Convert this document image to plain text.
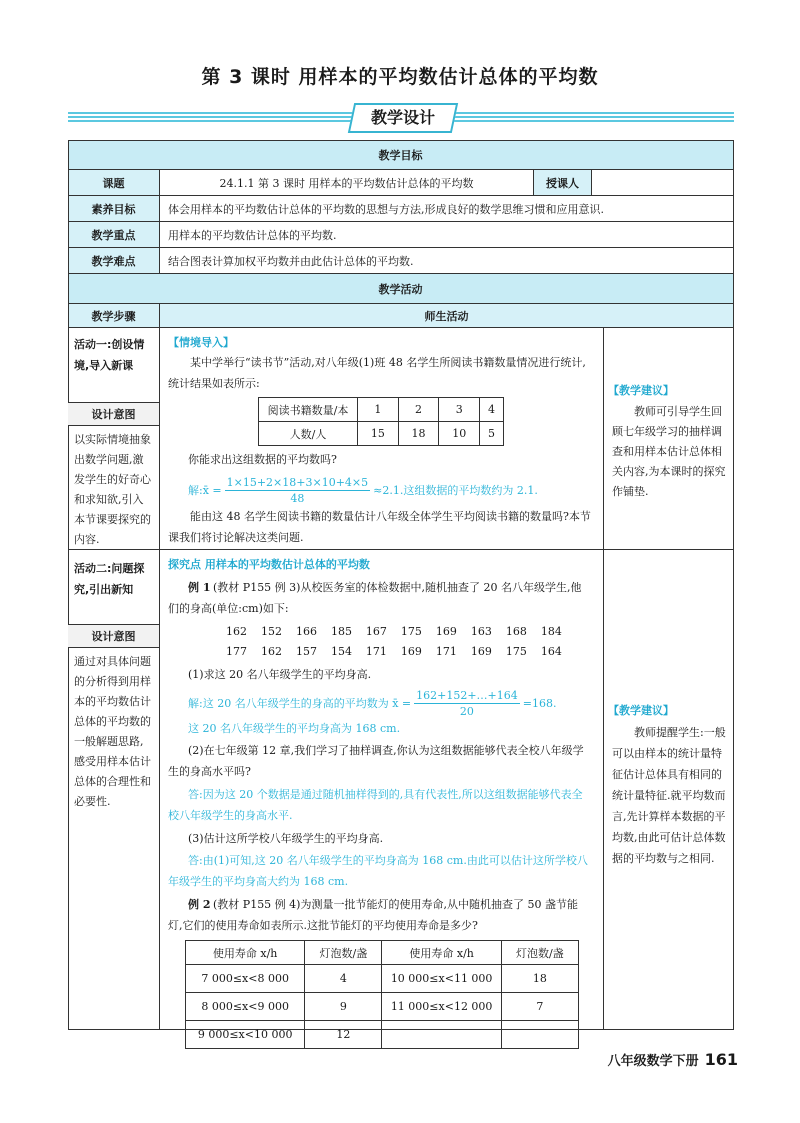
第 3 课时 用样本的平均数估计总体的平均数
教学设计
教学目标
课题	24.1.1 第 3 课时 用样本的平均数估计总体的平均数	授课人
素养目标	体会用样本的平均数估计总体的平均数的思想与方法,形成良好的数学思维习惯和应用意识.
教学重点	用样本的平均数估计总体的平均数.
教学难点	结合图表计算加权平均数并由此估计总体的平均数.
教学活动
教学步骤	师生活动
活动一:创设情境,导入新课
设计意图
以实际情境抽象出数学问题,激发学生的好奇心和求知欲,引入本节课要探究的内容.
【情境导入】
某中学举行“读书节”活动,对八年级(1)班 48 名学生所阅读书籍数量情况进行统计,统计结果如表所示:
阅读书籍数量/本	1	2	3	4
人数/人	15	18	10	5
你能求出这组数据的平均数吗?
解:x̄ = $\frac{1\times 15+2\times 18+3\times 10+4\times 5}{48} \approx 2.1$.这组数据的平均数约为 2.1.
能由这 48 名学生阅读书籍的数量估计八年级全体学生平均阅读书籍的数量吗?本节课我们将讨论解决这类问题.
【教学建议】
教师可引导学生回顾七年级学习的抽样调查和用样本估计总体相关内容,为本课时的探究作铺垫.
活动二:问题探究,引出新知
设计意图
通过对具体问题的分析得到用样本的平均数估计总体的平均数的一般解题思路,感受用样本估计总体的合理性和必要性.
探究点 用样本的平均数估计总体的平均数
例 1 (教材 P155 例 3)从校医务室的体检数据中,随机抽查了 20 名八年级学生,他们的身高(单位:cm)如下:
162    152    166    185    167    175    169    163    168    184
177    162    157    154    171    169    171    169    175    164
(1)求这 20 名八年级学生的平均身高.
解:这 20 名八年级学生的身高的平均数为 x̄ = $\frac{162+152+\dots+164}{20} =168$.
这 20 名八年级学生的平均身高为 168 cm.
(2)在七年级第 12 章,我们学习了抽样调查,你认为这组数据能够代表全校八年级学生的身高水平吗?
答:因为这 20 个数据是通过随机抽样得到的,具有代表性,所以这组数据能够代表全校八年级学生的身高水平.
(3)估计这所学校八年级学生的平均身高.
答:由(1)可知,这 20 名八年级学生的平均身高为 168 cm.由此可以估计这所学校八年级学生的平均身高大约为 168 cm.
例 2 (教材 P155 例 4)为测量一批节能灯的使用寿命,从中随机抽查了 50 盏节能灯,它们的使用寿命如表所示.这批节能灯的平均使用寿命是多少?
使用寿命 x/h	灯泡数/盏	使用寿命 x/h	灯泡数/盏
7 000≤x<8 000	4	10 000≤x<11 000	18
8 000≤x<9 000	9	11 000≤x<12 000	7
9 000≤x<10 000	12		
【教学建议】
教师提醒学生:一般可以由样本的统计量特征估计总体具有相同的统计量特征.就平均数而言,先计算样本数据的平均数,由此可估计总体数据的平均数与之相同.
八年级数学下册 161
